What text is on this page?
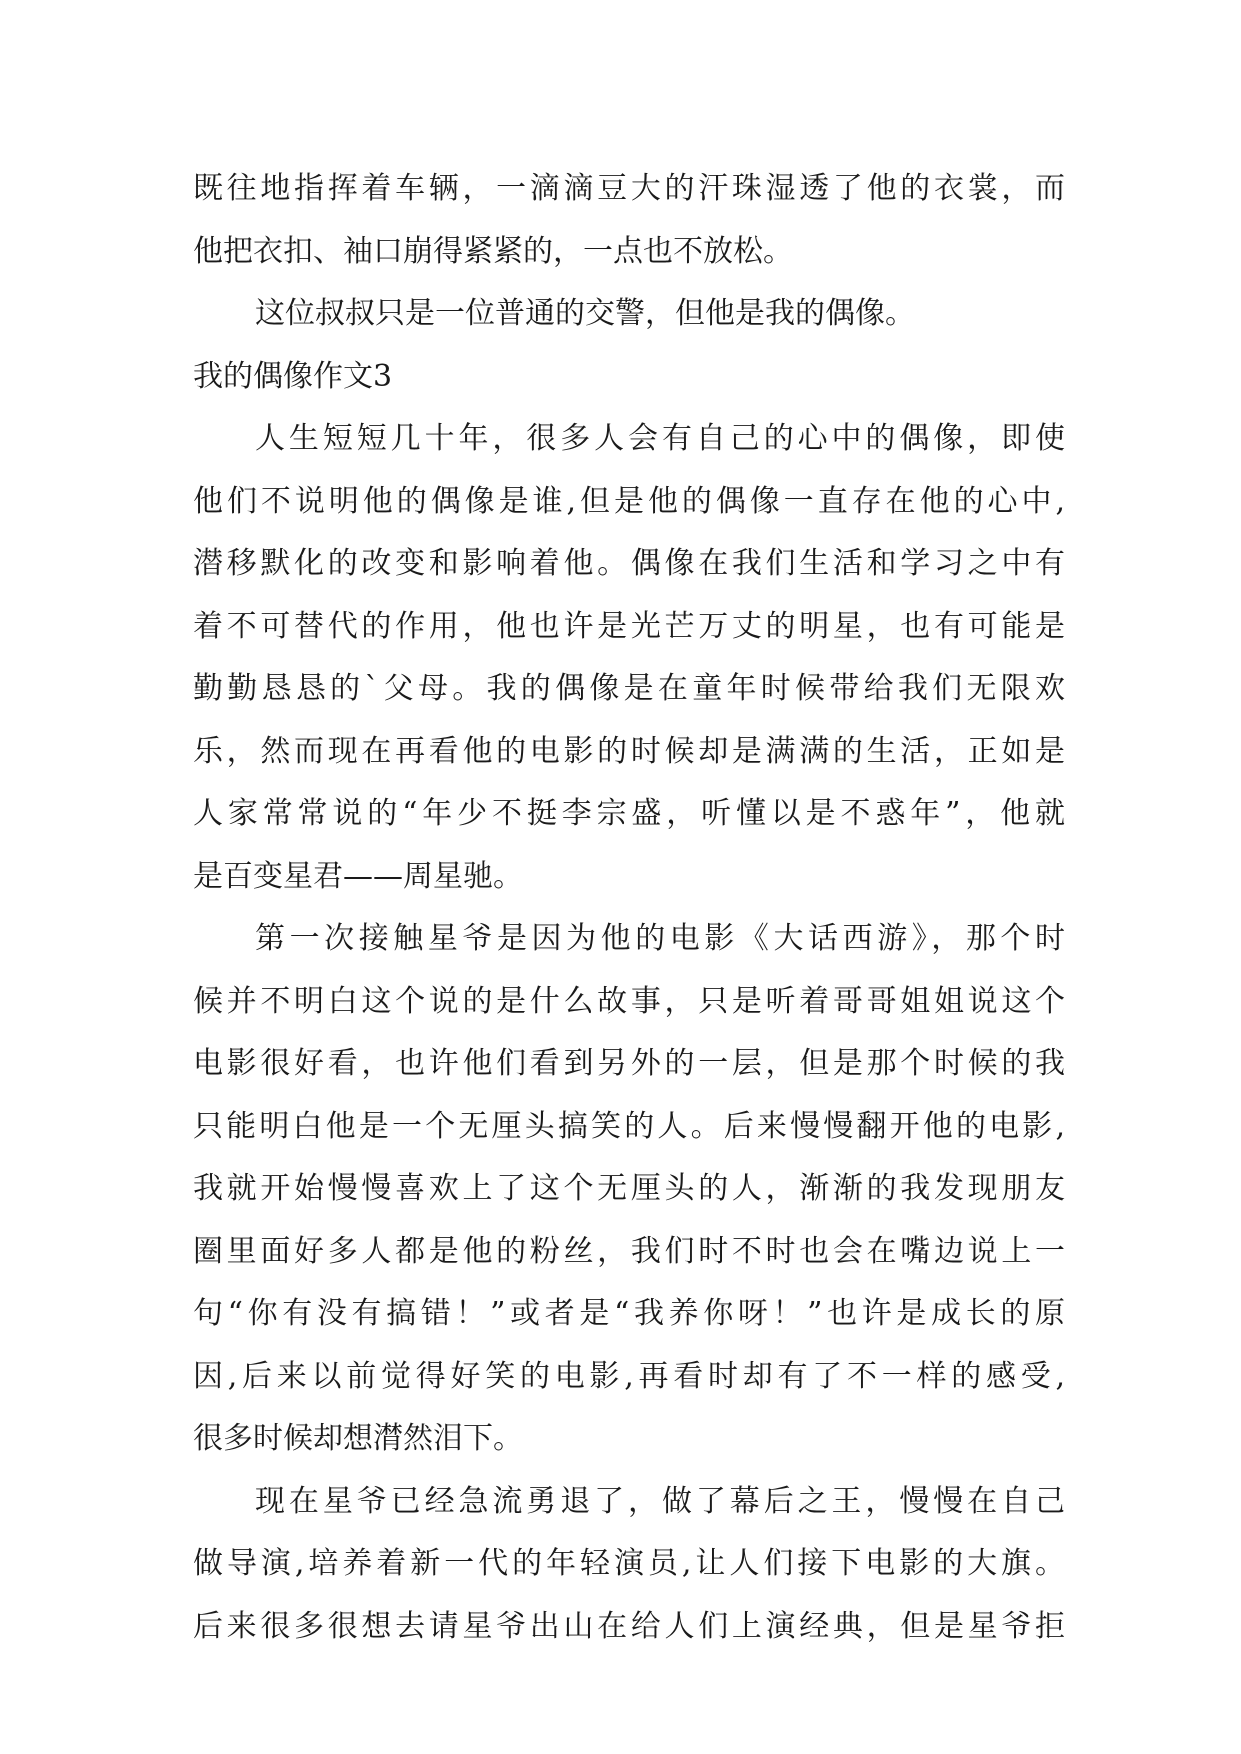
既往地指挥着车辆，一滴滴豆大的汗珠湿透了他的衣裳，而
他把衣扣、袖口崩得紧紧的，一点也不放松。
这位叔叔只是一位普通的交警，但他是我的偶像。
我的偶像作文3
人生短短几十年，很多人会有自己的心中的偶像，即使
他们不说明他的偶像是谁,但是他的偶像一直存在他的心中,
潜移默化的改变和影响着他。偶像在我们生活和学习之中有
着不可替代的作用，他也许是光芒万丈的明星，也有可能是
勤勤恳恳的`父母。我的偶像是在童年时候带给我们无限欢
乐，然而现在再看他的电影的时候却是满满的生活，正如是
人家常常说的“年少不挺李宗盛，听懂以是不惑年”，他就
是百变星君——周星驰。
第一次接触星爷是因为他的电影《大话西游》，那个时
候并不明白这个说的是什么故事，只是听着哥哥姐姐说这个
电影很好看，也许他们看到另外的一层，但是那个时候的我
只能明白他是一个无厘头搞笑的人。后来慢慢翻开他的电影,
我就开始慢慢喜欢上了这个无厘头的人，渐渐的我发现朋友
圈里面好多人都是他的粉丝，我们时不时也会在嘴边说上一
句“你有没有搞错！”或者是“我养你呀！”也许是成长的原
因,后来以前觉得好笑的电影,再看时却有了不一样的感受,
很多时候却想潸然泪下。
现在星爷已经急流勇退了，做了幕后之王，慢慢在自己
做导演,培养着新一代的年轻演员,让人们接下电影的大旗。
后来很多很想去请星爷出山在给人们上演经典，但是星爷拒
